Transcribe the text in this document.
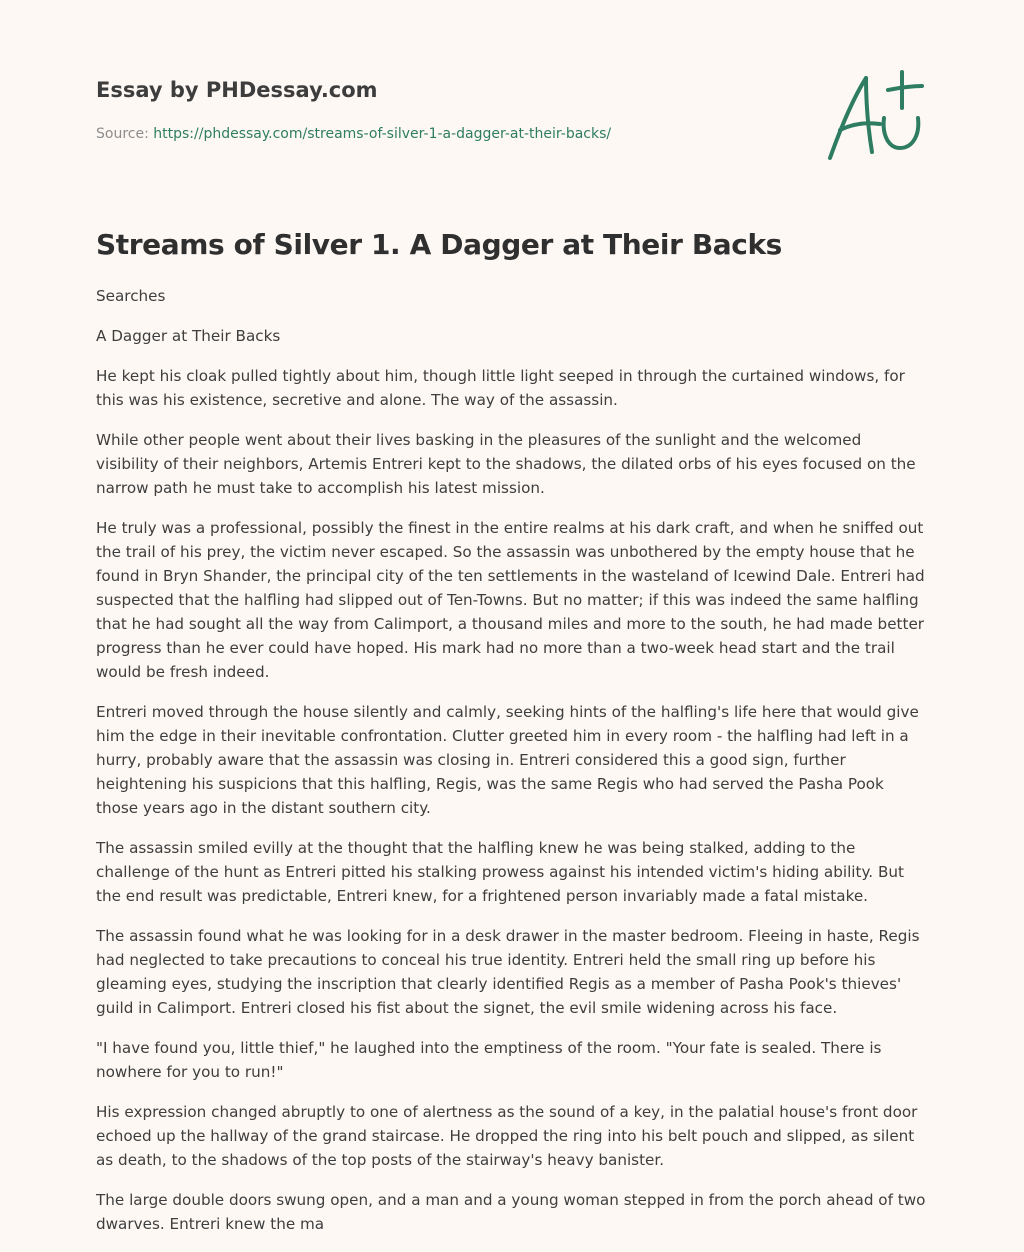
Essay by PHDessay.com
Source: https://phdessay.com/streams-of-silver-1-a-dagger-at-their-backs/
Streams of Silver 1. A Dagger at Their Backs

Searches

A Dagger at Their Backs

He kept his cloak pulled tightly about him, though little light seeped in through the curtained windows, for this was his existence, secretive and alone. The way of the assassin.

While other people went about their lives basking in the pleasures of the sunlight and the welcomed visibility of their neighbors, Artemis Entreri kept to the shadows, the dilated orbs of his eyes focused on the narrow path he must take to accomplish his latest mission.

He truly was a professional, possibly the finest in the entire realms at his dark craft, and when he sniffed out the trail of his prey, the victim never escaped. So the assassin was unbothered by the empty house that he found in Bryn Shander, the principal city of the ten settlements in the wasteland of Icewind Dale. Entreri had suspected that the halfling had slipped out of Ten-Towns. But no matter; if this was indeed the same halfling that he had sought all the way from Calimport, a thousand miles and more to the south, he had made better progress than he ever could have hoped. His mark had no more than a two-week head start and the trail would be fresh indeed.

Entreri moved through the house silently and calmly, seeking hints of the halfling's life here that would give him the edge in their inevitable confrontation. Clutter greeted him in every room - the halfling had left in a hurry, probably aware that the assassin was closing in. Entreri considered this a good sign, further heightening his suspicions that this halfling, Regis, was the same Regis who had served the Pasha Pook those years ago in the distant southern city.

The assassin smiled evilly at the thought that the halfling knew he was being stalked, adding to the challenge of the hunt as Entreri pitted his stalking prowess against his intended victim's hiding ability. But the end result was predictable, Entreri knew, for a frightened person invariably made a fatal mistake.

The assassin found what he was looking for in a desk drawer in the master bedroom. Fleeing in haste, Regis had neglected to take precautions to conceal his true identity. Entreri held the small ring up before his gleaming eyes, studying the inscription that clearly identified Regis as a member of Pasha Pook's thieves' guild in Calimport. Entreri closed his fist about the signet, the evil smile widening across his face.

"I have found you, little thief," he laughed into the emptiness of the room. "Your fate is sealed. There is nowhere for you to run!"

His expression changed abruptly to one of alertness as the sound of a key, in the palatial house's front door echoed up the hallway of the grand staircase. He dropped the ring into his belt pouch and slipped, as silent as death, to the shadows of the top posts of the stairway's heavy banister.

The large double doors swung open, and a man and a young woman stepped in from the porch ahead of two dwarves. Entreri knew the ma
